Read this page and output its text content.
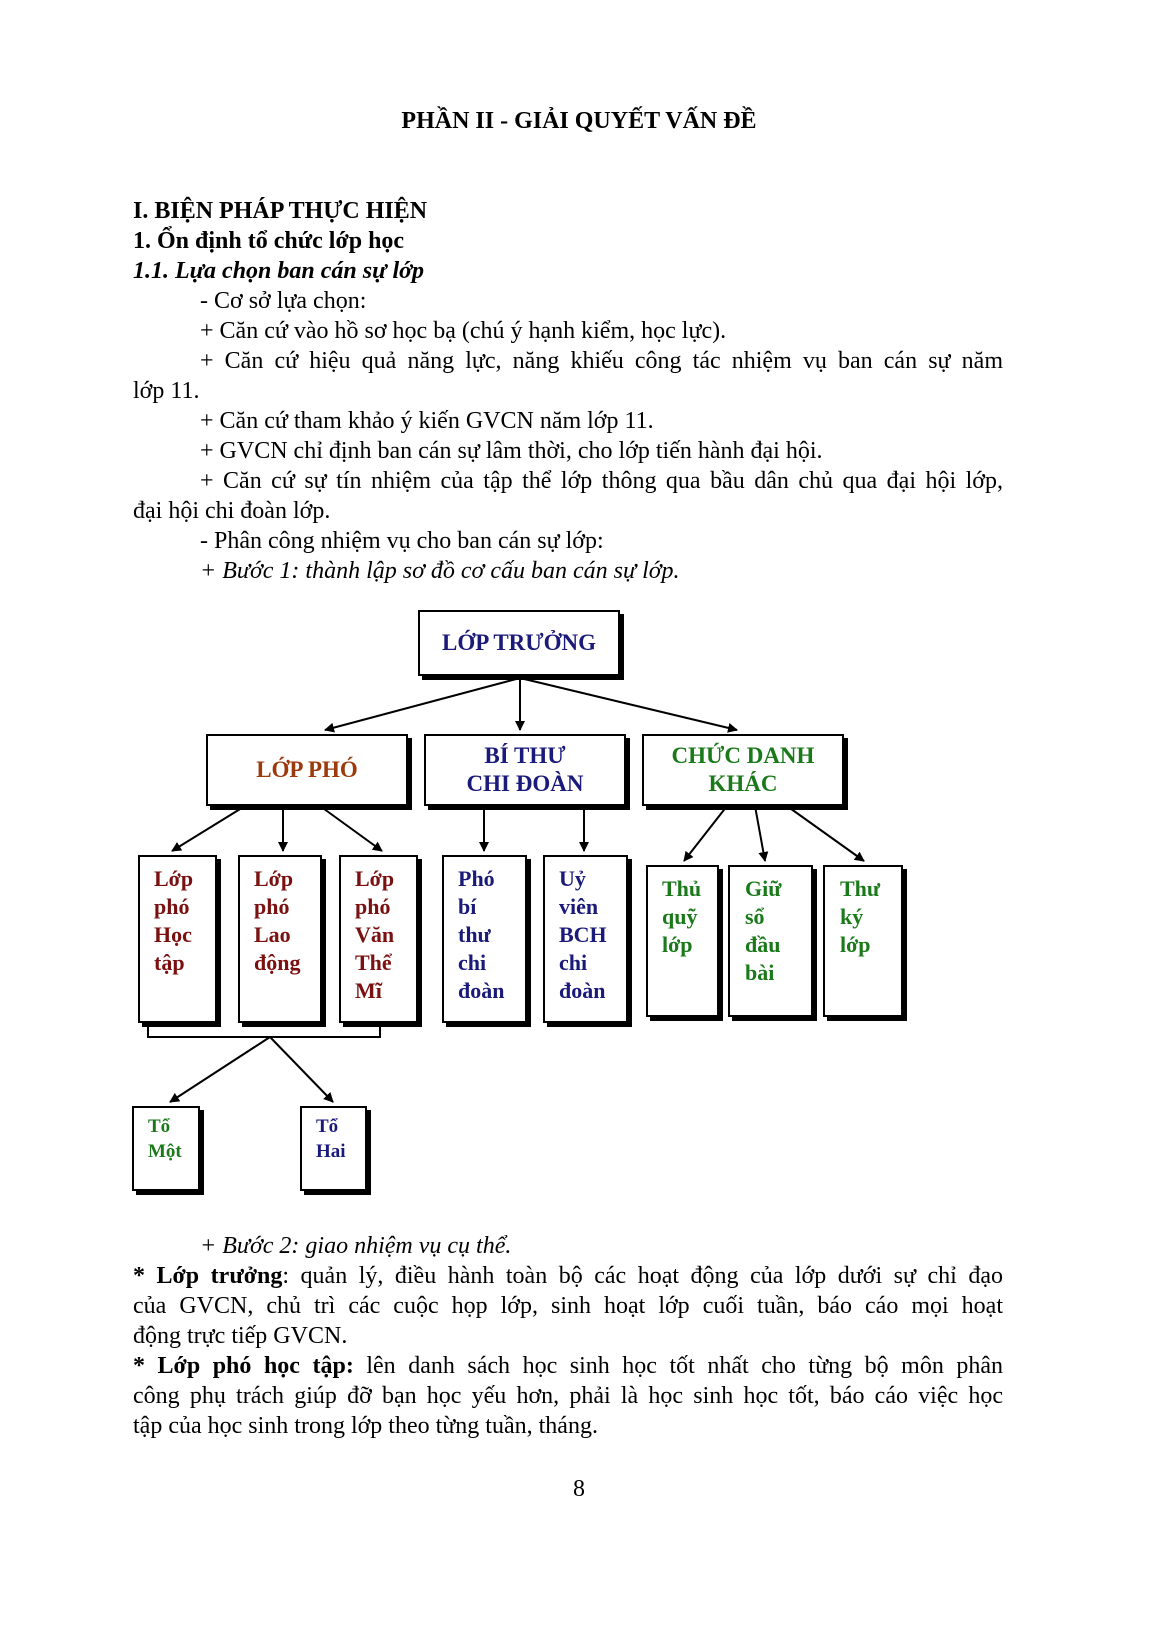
PHẦN II - GIẢI QUYẾT VẤN ĐỀ
I. BIỆN PHÁP THỰC HIỆN
1. Ổn định tổ chức lớp học
1.1. Lựa chọn ban cán sự lớp
- Cơ sở lựa chọn:
+ Căn cứ vào hồ sơ học bạ (chú ý hạnh kiểm, học lực).
+ Căn cứ hiệu quả năng lực, năng khiếu công tác nhiệm vụ ban cán sự năm
lớp 11.
+ Căn cứ tham khảo ý kiến GVCN năm lớp 11.
+ GVCN chỉ định ban cán sự lâm thời, cho lớp tiến hành đại hội.
+ Căn cứ sự tín nhiệm của tập thể lớp thông qua bầu dân chủ qua đại hội lớp,
đại hội chi đoàn lớp.
- Phân công nhiệm vụ cho ban cán sự lớp:
+ Bước 1: thành lập sơ đồ cơ cấu ban cán sự lớp.
LỚP TRƯỞNG
LỚP PHÓ
BÍ THƯ
CHI ĐOÀN
CHỨC DANH
KHÁC
Lớp
phó
Học
tập
Lớp
phó
Lao
động
Lớp
phó
Văn
Thể
Mĩ
Phó
bí
thư
chi
đoàn
Uỷ
viên
BCH
chi
đoàn
Thủ
quỹ
lớp
Giữ
sổ
đầu
bài
Thư
ký
lớp
Tổ
Một
Tổ
Hai
+ Bước 2: giao nhiệm vụ cụ thể.
* Lớp trưởng: quản lý, điều hành toàn bộ các hoạt động của lớp dưới sự chỉ đạo
của GVCN, chủ trì các cuộc họp lớp, sinh hoạt lớp cuối tuần, báo cáo mọi hoạt
động trực tiếp GVCN.
* Lớp phó học tập: lên danh sách học sinh học tốt nhất cho từng bộ môn phân
công phụ trách giúp đỡ bạn học yếu hơn, phải là học sinh học tốt, báo cáo việc học
tập của học sinh trong lớp theo từng tuần, tháng.
8
